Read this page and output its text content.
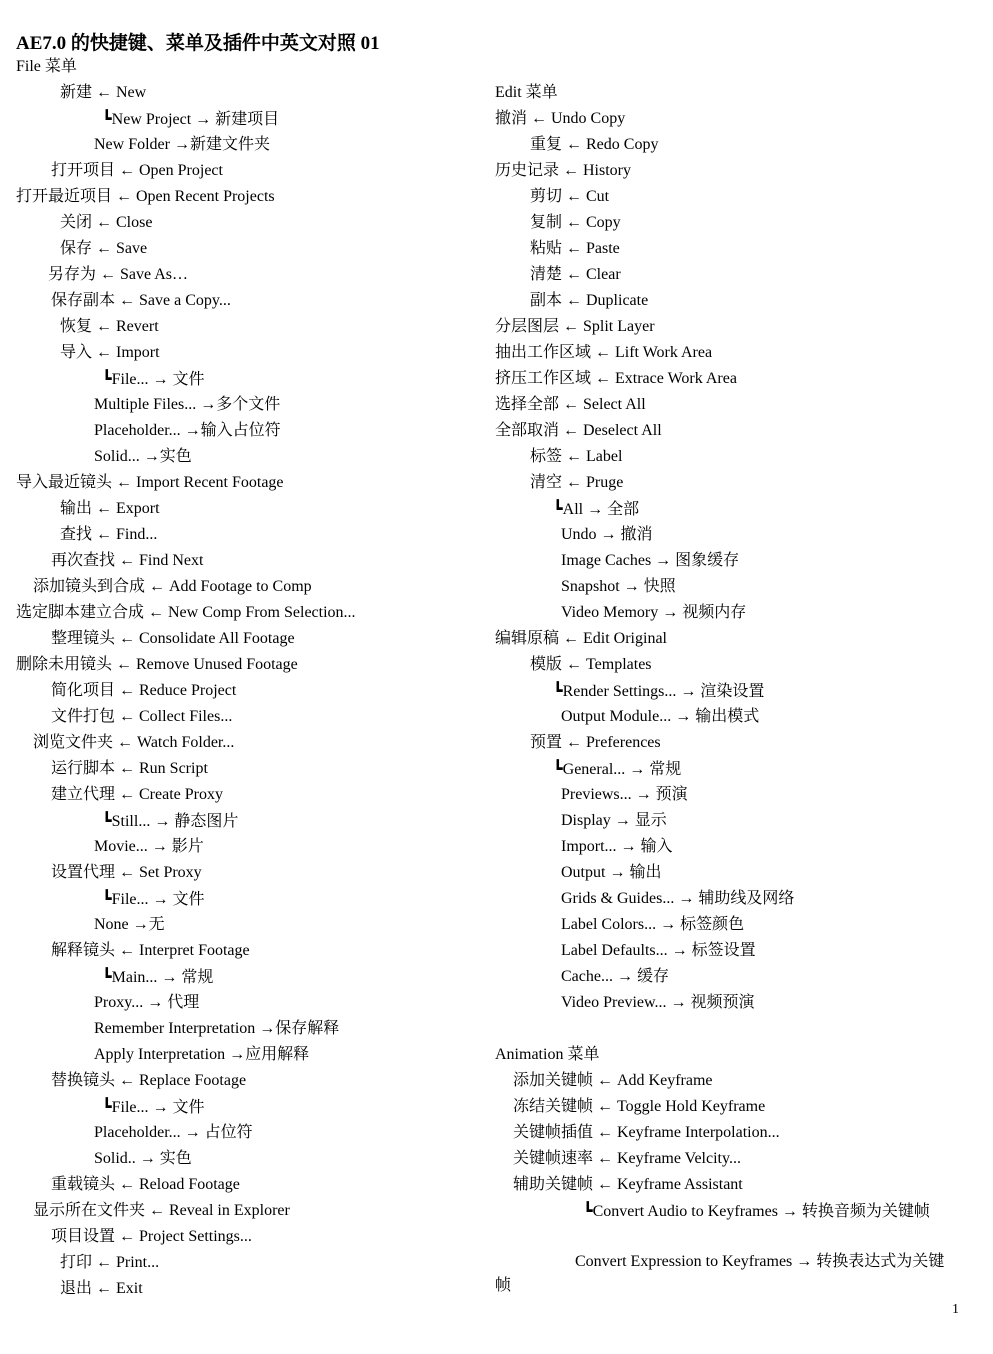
AE7.0 的快捷键、菜单及插件中英文对照 01
File 菜单
新建 ← New
┗New Project → 新建项目
New Folder →新建文件夹
打开项目 ← Open Project
打开最近项目 ← Open Recent Projects
关闭 ← Close
保存 ← Save
另存为 ← Save As…
保存副本 ← Save a Copy...
恢复 ← Revert
导入 ← Import
┗File... → 文件
Multiple Files... →多个文件
Placeholder... →输入占位符
Solid... →实色
导入最近镜头 ← Import Recent Footage
输出 ← Export
查找 ← Find...
再次查找 ← Find Next
添加镜头到合成 ← Add Footage to Comp
选定脚本建立合成 ← New Comp From Selection...
整理镜头 ← Consolidate All Footage
删除未用镜头 ← Remove Unused Footage
简化项目 ← Reduce Project
文件打包 ← Collect Files...
浏览文件夹 ← Watch Folder...
运行脚本 ← Run Script
建立代理 ← Create Proxy
┗Still... → 静态图片
Movie... → 影片
设置代理 ← Set Proxy
┗File... → 文件
None →无
解释镜头 ← Interpret Footage
┗Main... → 常规
Proxy... → 代理
Remember Interpretation →保存解释
Apply Interpretation →应用解释
替换镜头 ← Replace Footage
┗File... → 文件
Placeholder... → 占位符
Solid.. → 实色
重载镜头 ← Reload Footage
显示所在文件夹 ← Reveal in Explorer
项目设置 ← Project Settings...
打印 ← Print...
退出 ← Exit
Edit 菜单
撤消 ← Undo Copy
重复 ← Redo Copy
历史记录 ← History
剪切 ← Cut
复制 ← Copy
粘贴 ← Paste
清楚 ← Clear
副本 ← Duplicate
分层图层 ← Split Layer
抽出工作区域 ← Lift Work Area
挤压工作区域 ← Extrace Work Area
选择全部 ← Select All
全部取消 ← Deselect All
标签 ← Label
清空 ← Pruge
┗All → 全部
Undo → 撤消
Image Caches → 图象缓存
Snapshot → 快照
Video Memory → 视频内存
编辑原稿 ← Edit Original
模版 ← Templates
┗Render Settings... → 渲染设置
Output Module... → 输出模式
预置 ← Preferences
┗General... → 常规
Previews... → 预演
Display → 显示
Import... → 输入
Output → 输出
Grids & Guides... → 辅助线及网络
Label Colors... → 标签颜色
Label Defaults... → 标签设置
Cache... → 缓存
Video Preview... → 视频预演
Animation 菜单
添加关键帧 ← Add Keyframe
冻结关键帧 ← Toggle Hold Keyframe
关键帧插值 ← Keyframe Interpolation...
关键帧速率 ← Keyframe Velcity...
辅助关键帧 ← Keyframe Assistant
┗Convert Audio to Keyframes → 转换音频为关键帧
Convert Expression to Keyframes → 转换表达式为关键帧
1
